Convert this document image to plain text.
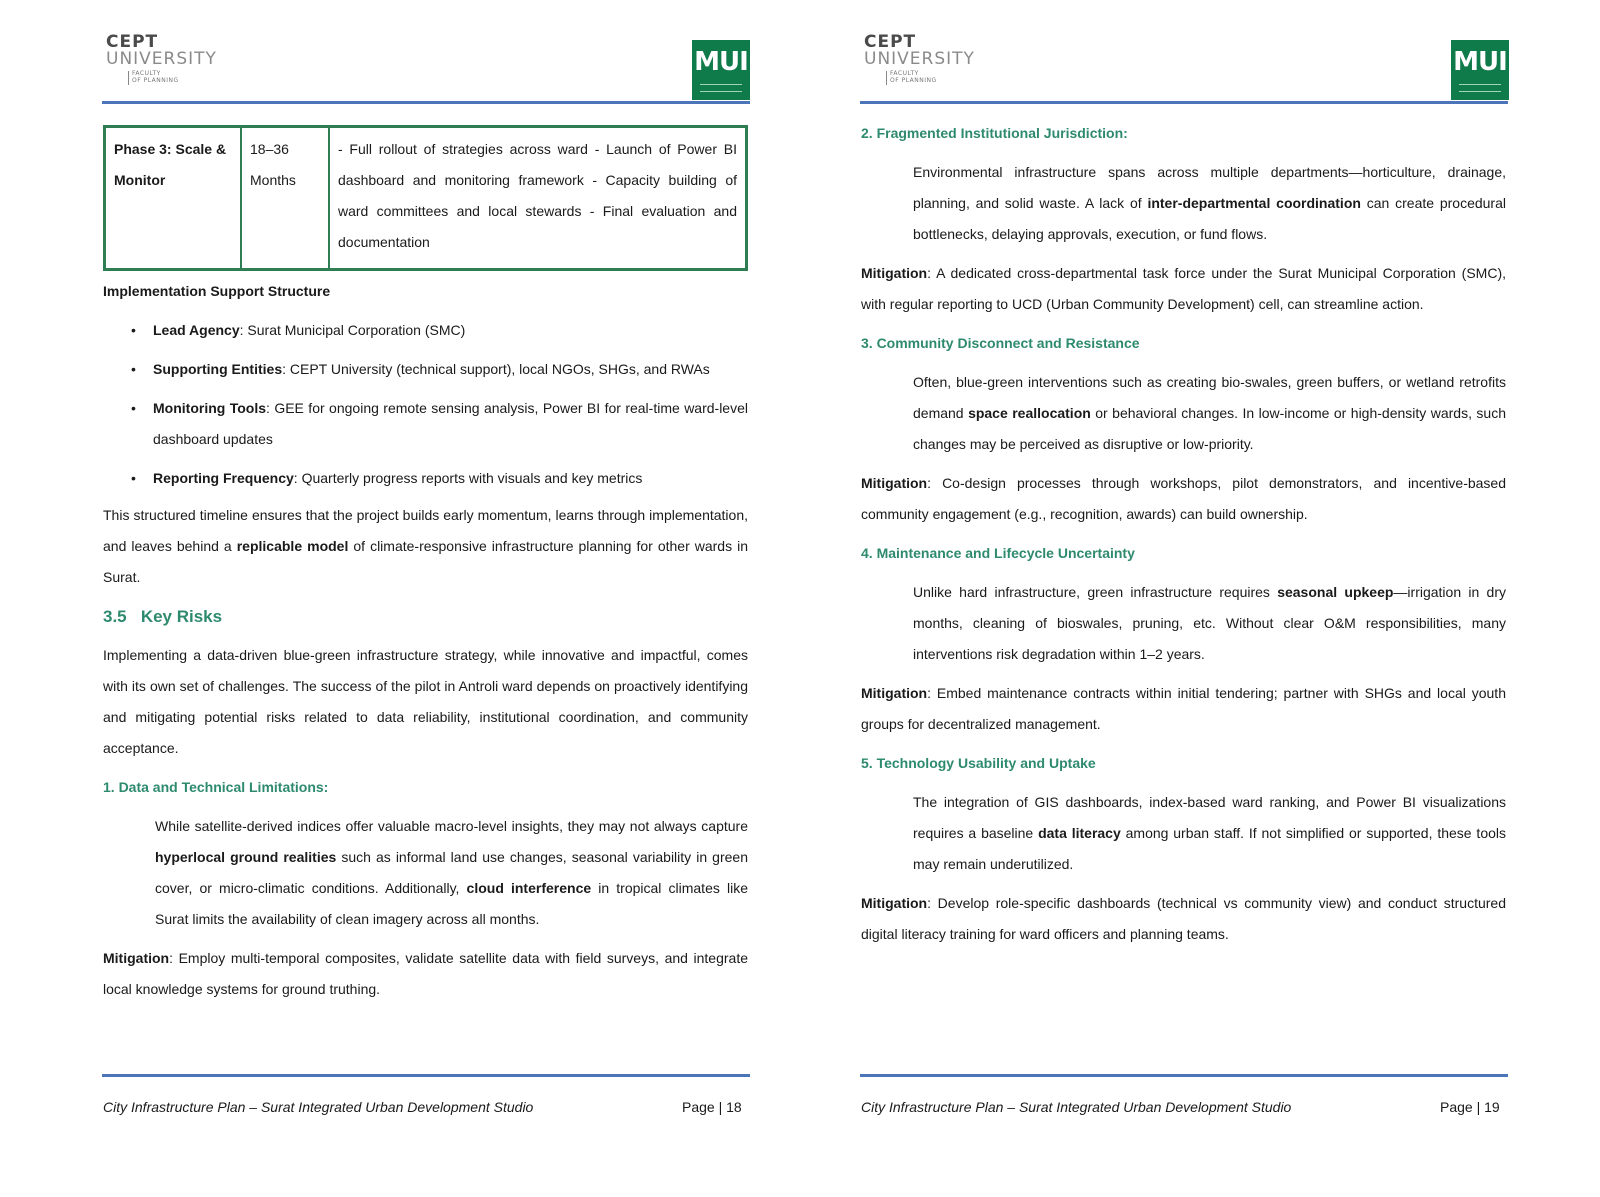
CEPT
UNIVERSITY
FACULTY
OF PLANNING
MUI
Phase 3: Scale & Monitor	18–36 Months	- Full rollout of strategies across ward - Launch of Power BI dashboard and monitoring framework - Capacity building of ward committees and local stewards - Final evaluation and documentation
Implementation Support Structure
• Lead Agency: Surat Municipal Corporation (SMC)
• Supporting Entities: CEPT University (technical support), local NGOs, SHGs, and RWAs
• Monitoring Tools: GEE for ongoing remote sensing analysis, Power BI for real-time ward-level dashboard updates
• Reporting Frequency: Quarterly progress reports with visuals and key metrics
This structured timeline ensures that the project builds early momentum, learns through implementation, and leaves behind a replicable model of climate-responsive infrastructure planning for other wards in Surat.
3.5 Key Risks
Implementing a data-driven blue-green infrastructure strategy, while innovative and impactful, comes with its own set of challenges. The success of the pilot in Antroli ward depends on proactively identifying and mitigating potential risks related to data reliability, institutional coordination, and community acceptance.
1. Data and Technical Limitations:
While satellite-derived indices offer valuable macro-level insights, they may not always capture hyperlocal ground realities such as informal land use changes, seasonal variability in green cover, or micro-climatic conditions. Additionally, cloud interference in tropical climates like Surat limits the availability of clean imagery across all months.
Mitigation: Employ multi-temporal composites, validate satellite data with field surveys, and integrate local knowledge systems for ground truthing.
City Infrastructure Plan – Surat Integrated Urban Development Studio	Page | 18
CEPT
UNIVERSITY
FACULTY
OF PLANNING
MUI
2. Fragmented Institutional Jurisdiction:
Environmental infrastructure spans across multiple departments—horticulture, drainage, planning, and solid waste. A lack of inter-departmental coordination can create procedural bottlenecks, delaying approvals, execution, or fund flows.
Mitigation: A dedicated cross-departmental task force under the Surat Municipal Corporation (SMC), with regular reporting to UCD (Urban Community Development) cell, can streamline action.
3. Community Disconnect and Resistance
Often, blue-green interventions such as creating bio-swales, green buffers, or wetland retrofits demand space reallocation or behavioral changes. In low-income or high-density wards, such changes may be perceived as disruptive or low-priority.
Mitigation: Co-design processes through workshops, pilot demonstrators, and incentive-based community engagement (e.g., recognition, awards) can build ownership.
4. Maintenance and Lifecycle Uncertainty
Unlike hard infrastructure, green infrastructure requires seasonal upkeep—irrigation in dry months, cleaning of bioswales, pruning, etc. Without clear O&M responsibilities, many interventions risk degradation within 1–2 years.
Mitigation: Embed maintenance contracts within initial tendering; partner with SHGs and local youth groups for decentralized management.
5. Technology Usability and Uptake
The integration of GIS dashboards, index-based ward ranking, and Power BI visualizations requires a baseline data literacy among urban staff. If not simplified or supported, these tools may remain underutilized.
Mitigation: Develop role-specific dashboards (technical vs community view) and conduct structured digital literacy training for ward officers and planning teams.
City Infrastructure Plan – Surat Integrated Urban Development Studio	Page | 19
